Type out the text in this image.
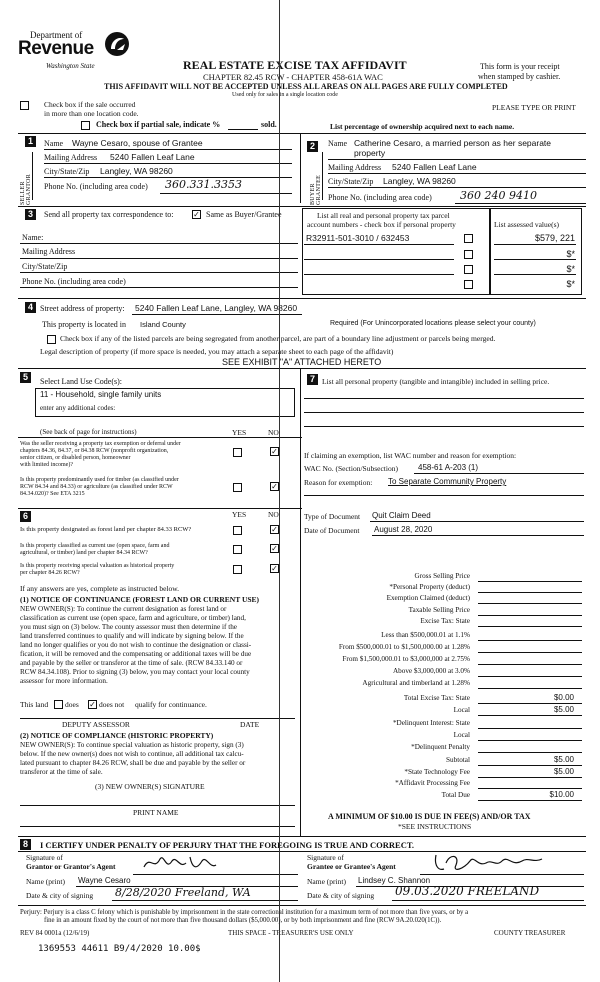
Department of
Revenue
Washington State	REAL ESTATE EXCISE TAX AFFIDAVIT
CHAPTER 82.45 RCW - CHAPTER 458-61A WAC
THIS AFFIDAVIT WILL NOT BE ACCEPTED UNLESS ALL AREAS ON ALL PAGES ARE FULLY COMPLETED
Used only for sales in a single location code
This form is your receipt
when stamped by cashier.
PLEASE TYPE OR PRINT
Check box if the sale occurred
in more than one location code.
Check box if partial sale, indicate %	sold.	List percentage of ownership acquired next to each name.
1
SELLER GRANTOR
Name Wayne Cesaro, spouse of Grantee
Mailing Address 5240 Fallen Leaf Lane
City/State/Zip Langley, WA 98260
Phone No. (including area code) 360.331.3353
2
BUYER GRANTEE
Name Catherine Cesaro, a married person as her separate
property
Mailing Address 5240 Fallen Leaf Lane
City/State/Zip Langley, WA 98260
Phone No. (including area code)	360 240 9410
3	Send all property tax correspondence to: ✓ Same as Buyer/Grantee
Name:
Mailing Address
City/State/Zip
Phone No. (including area code)
List all real and personal property tax parcel
account numbers - check box if personal property	List assessed value(s)
R32911-501-3010 / 632453	$579, 221
$*
$*
$*
4 Street address of property: 5240 Fallen Leaf Lane, Langley, WA 98260
This property is located in Island County	Required (For Unincorporated locations please select your county)
Check box if any of the listed parcels are being segregated from another parcel, are part of a boundary line adjustment or parcels being merged.
Legal description of property (if more space is needed, you may attach a separate sheet to each page of the affidavit)
SEE EXHIBIT "A" ATTACHED HERETO
5	Select Land Use Code(s):
11 - Household, single family units
enter any additional codes:
(See back of page for instructions)	YES	NO
Was the seller receiving a property tax exemption or deferral under
chapters 84.36, 84.37, or 84.38 RCW (nonprofit organization,
senior citizen, or disabled person, homeowner
with limited income)?
✓
Is this property predominantly used for timber (as classified under
RCW 84.34 and 84.33) or agriculture (as classified under RCW
84.34.020)? See ETA 3215
✓
6	YES	NO
Is this property designated as forest land per chapter 84.33 RCW?	✓
Is this property classified as current use (open space, farm and
agricultural, or timber) land per chapter 84.34 RCW?	✓
Is this property receiving special valuation as historical property
per chapter 84.26 RCW?	✓
If any answers are yes, complete as instructed below.
(1) NOTICE OF CONTINUANCE (FOREST LAND OR CURRENT USE)
NEW OWNER(S): To continue the current designation as forest land or
classification as current use (open space, farm and agriculture, or timber) land,
you must sign on (3) below. The county assessor must then determine if the
land transferred continues to qualify and will indicate by signing below. If the
land no longer qualifies or you do not wish to continue the designation or classi-
fication, it will be removed and the compensating or additional taxes will be due
and payable by the seller or transferor at the time of sale. (RCW 84.33.140 or
RCW 84.34.108). Prior to signing (3) below, you may contact your local county
assessor for more information.
This land does ✓ does not qualify for continuance.
DEPUTY ASSESSOR	DATE
(2) NOTICE OF COMPLIANCE (HISTORIC PROPERTY)
NEW OWNER(S): To continue special valuation as historic property, sign (3)
below. If the new owner(s) does not wish to continue, all additional tax calcu-
lated pursuant to chapter 84.26 RCW, shall be due and payable by the seller or
transferor at the time of sale.
(3) NEW OWNER(S) SIGNATURE
PRINT NAME
7 List all personal property (tangible and intangible) included in selling price.
If claiming an exemption, list WAC number and reason for exemption:
WAC No. (Section/Subsection)	458-61 A-203 (1)
Reason for exemption: To Separate Community Property
Type of Document Quit Claim Deed
Date of Document August 28, 2020
Gross Selling Price
*Personal Property (deduct)
Exemption Claimed (deduct)
Taxable Selling Price
Excise Tax: State
Less than $500,000.01 at 1.1%
From $500,000.01 to $1,500,000.00 at 1.28%
From $1,500,000.01 to $3,000,000 at 2.75%
Above $3,000,000 at 3.0%
Agricultural and timberland at 1.28%
Total Excise Tax: State	$0.00
Local	$5.00
*Delinquent Interest: State
Local
*Delinquent Penalty
Subtotal	$5.00
*State Technology Fee	$5.00
*Affidavit Processing Fee
Total Due	$10.00
A MINIMUM OF $10.00 IS DUE IN FEE(S) AND/OR TAX
*SEE INSTRUCTIONS
8	I CERTIFY UNDER PENALTY OF PERJURY THAT THE FOREGOING IS TRUE AND CORRECT.
Signature of
Grantor or Grantor's Agent
Name (print) Wayne Cesaro
Date & city of signing 8/28/2020 Freeland, WA
Signature of
Grantee or Grantee's Agent
Name (print) Lindsey C. Shannon
Date & city of signing 09.03.2020 FREELAND
Perjury: Perjury is a class C felony which is punishable by imprisonment in the state correctional institution for a maximum term of not more than five years, or by a
fine in an amount fixed by the court of not more than five thousand dollars ($5,000.00), or by both imprisonment and fine (RCW 9A.20.020(1C)).
REV 84 0001a (12/6/19)	THIS SPACE - TREASURER'S USE ONLY	COUNTY TREASURER
1369553 44611 B9/4/2020 10.00$
